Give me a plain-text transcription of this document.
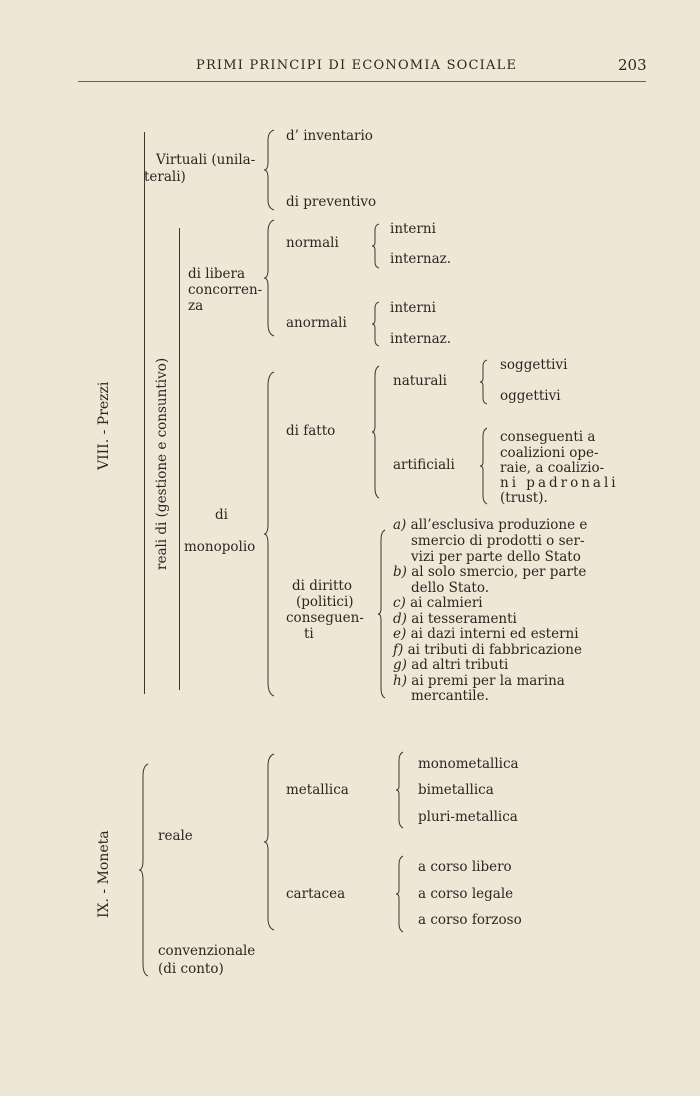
PRIMI PRINCIPI DI ECONOMIA SOCIALE	203
VIII. - Prezzi
Virtuali (unila-
terali)
d’ inventario
di preventivo
reali di (gestione e consuntivo)
di libera
concorren-
za
normali
interni
internaz.
anormali
interni
internaz.
di
monopolio
di fatto
naturali
soggettivi
oggettivi
artificiali
conseguenti a
coalizioni ope-
raie, a coalizio-
ni padronali
(trust).
di diritto
(politici)
conseguen-
ti
a) all’esclusiva produzione e
smercio di prodotti o ser-
vizi per parte dello Stato
b) al solo smercio, per parte
dello Stato.
c) ai calmieri
d) ai tesseramenti
e) ai dazi interni ed esterni
f) ai tributi di fabbricazione
g) ad altri tributi
h) ai premi per la marina
mercantile.
IX. - Moneta	reale
metallica
monometallica
bimetallica
pluri-metallica
cartacea
a corso libero
a corso legale
a corso forzoso
convenzionale
(di conto)
